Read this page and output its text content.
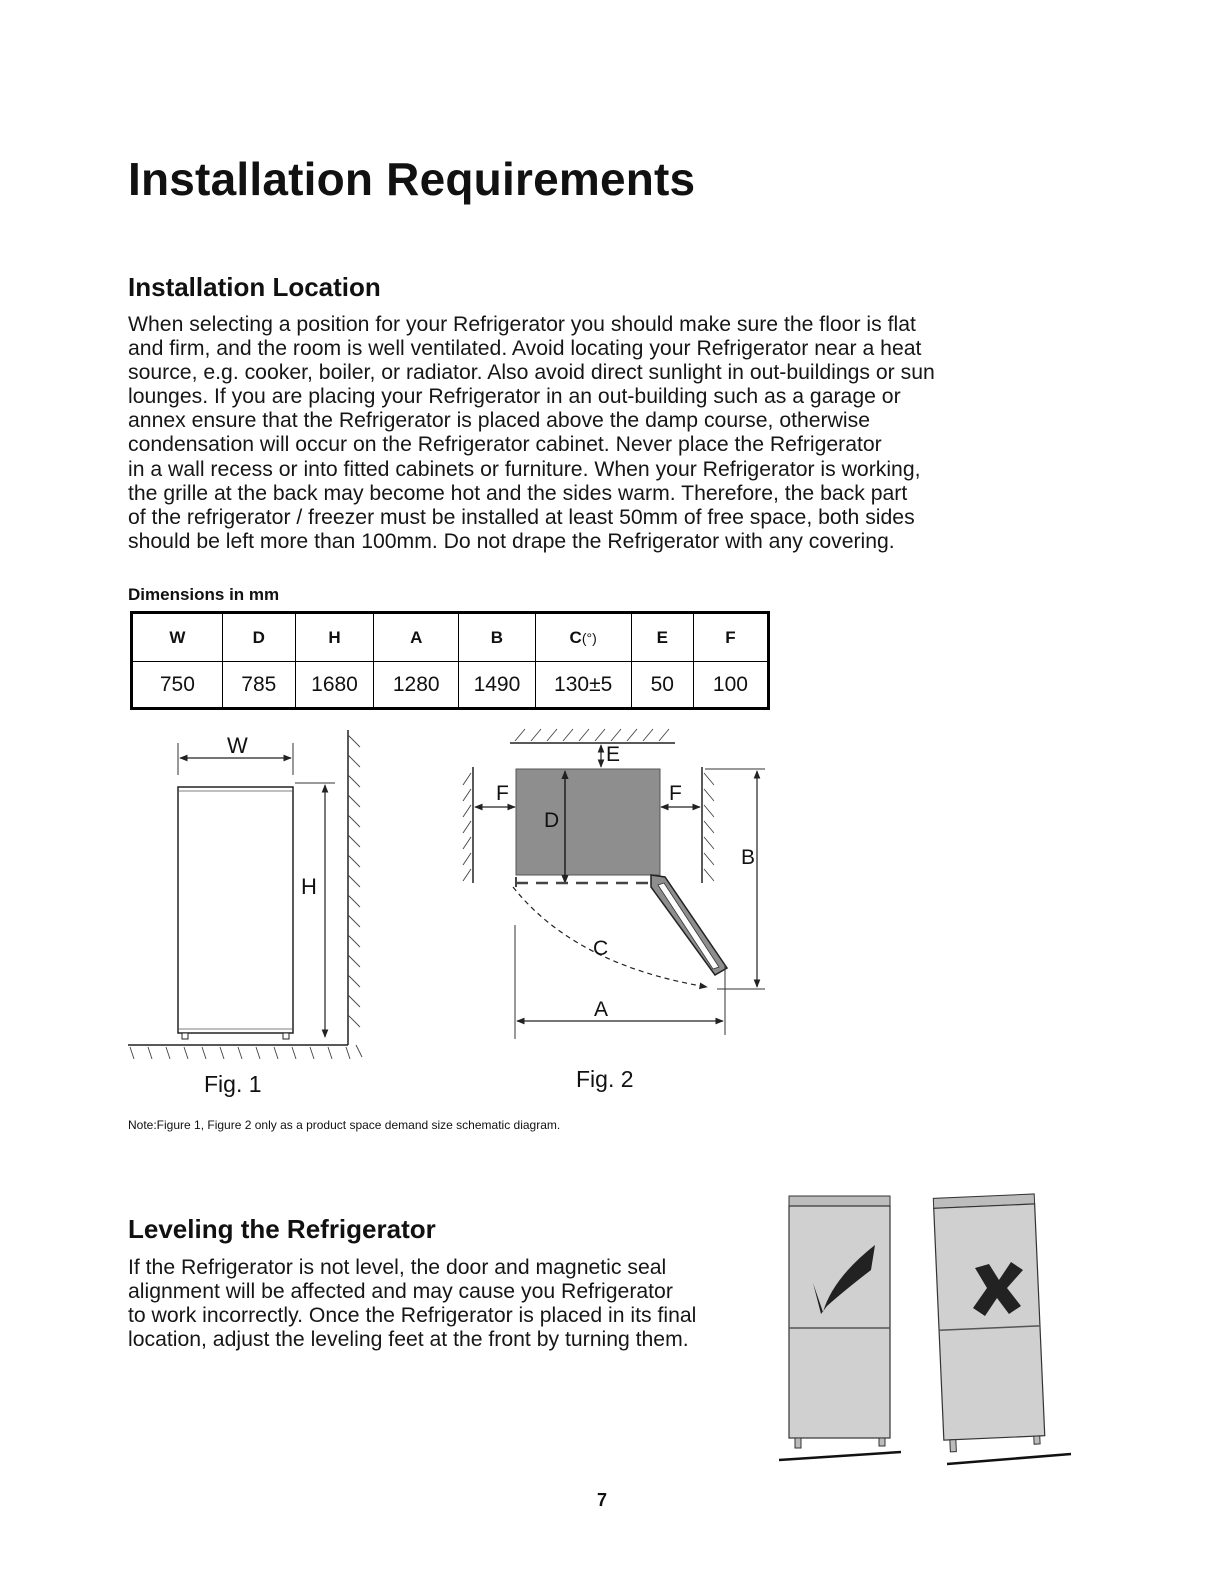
Installation Requirements
Installation Location
When selecting a position for your Refrigerator you should make sure the floor is flat
and firm, and the room is well ventilated. Avoid locating your Refrigerator near a heat
source, e.g. cooker, boiler, or radiator. Also avoid direct sunlight in out-buildings or sun
lounges. If you are placing your Refrigerator in an out-building such as a garage or
annex ensure that the Refrigerator is placed above the damp course, otherwise
condensation will occur on the Refrigerator cabinet. Never place the Refrigerator
in a wall recess or into fitted cabinets or furniture. When your Refrigerator is working,
the grille at the back may become hot and the sides warm. Therefore, the back part
of the refrigerator / freezer must be installed at least 50mm of free space, both sides
should be left more than 100mm. Do not drape the Refrigerator with any covering.
Dimensions in mm
W	D	H	A	B	C(°)	E	F
750	785	1680	1280	1490	130±5	50	100
W
H
Fig. 1
E
F	F
D
B
C
A
Fig. 2
Note:Figure 1, Figure 2 only as a product space demand size schematic diagram.
Leveling the Refrigerator
If the Refrigerator is not level, the door and magnetic seal
alignment will be affected and may cause you Refrigerator
to work incorrectly. Once the Refrigerator is placed in its final
location, adjust the leveling feet at the front by turning them.
7
